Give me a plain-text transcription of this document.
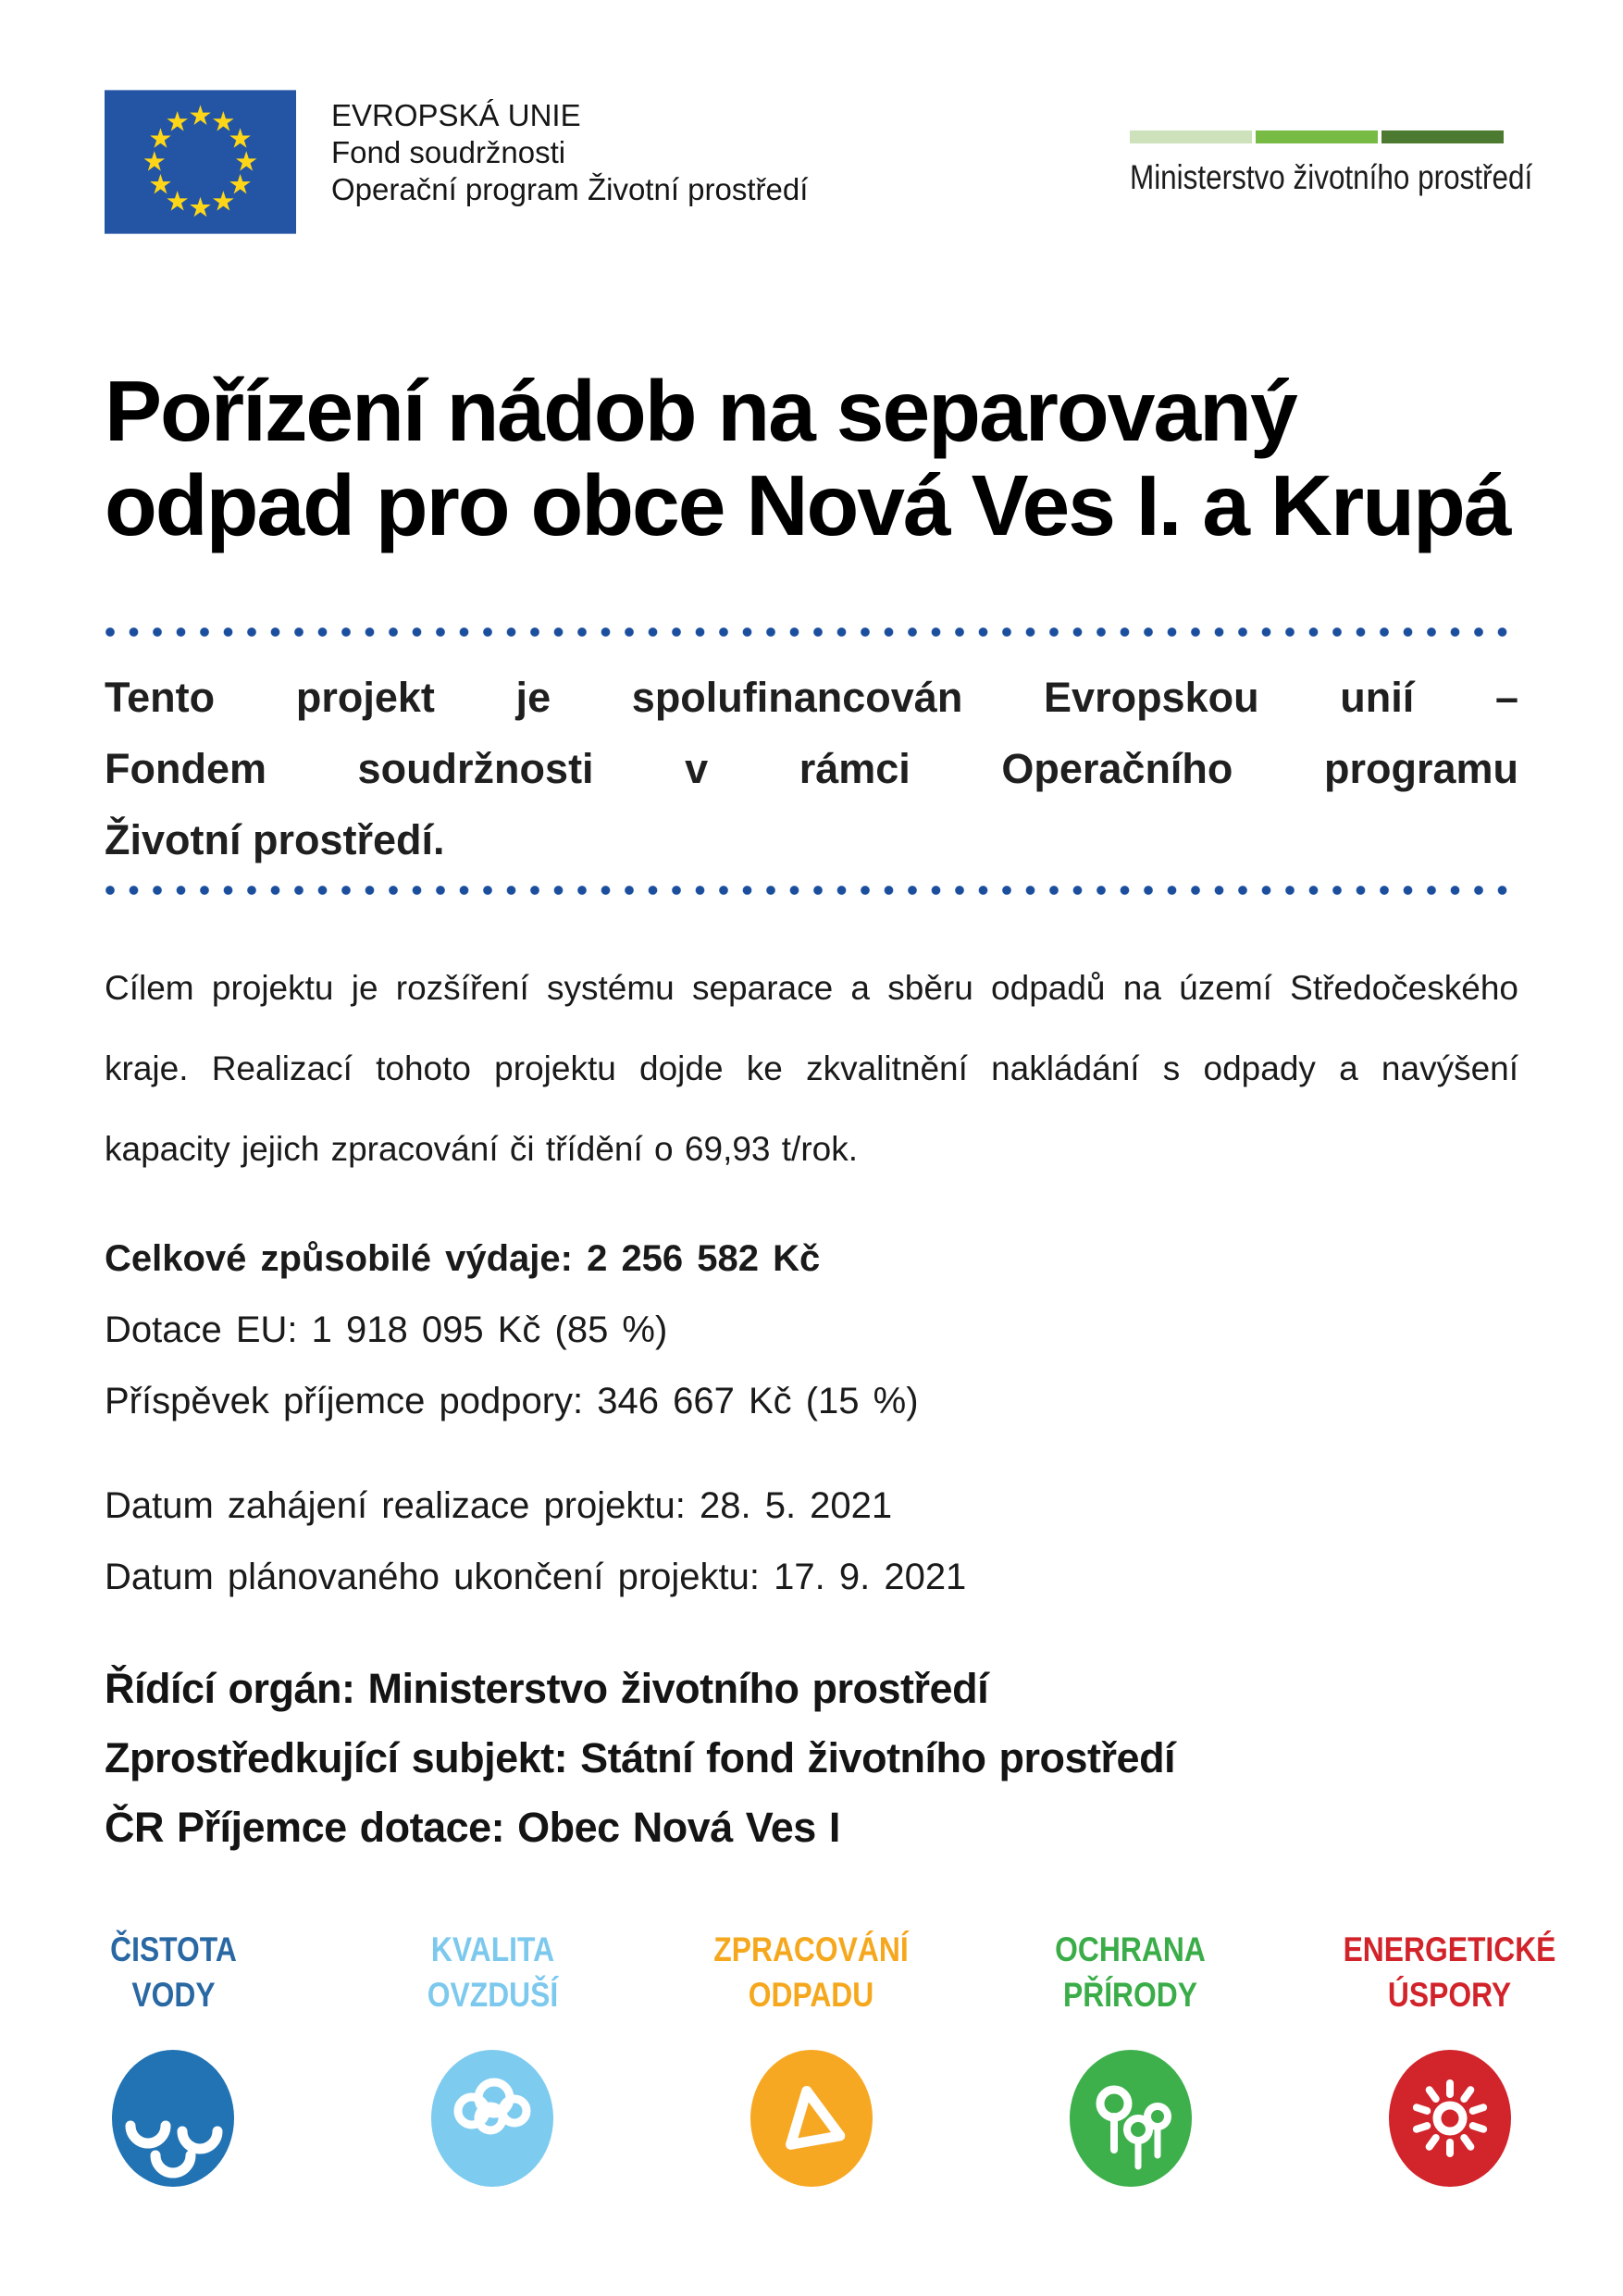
EVROPSKÁ UNIE
Fond soudržnosti
Operační program Životní prostředí	Ministerstvo životního prostředí
Pořízení nádob na separovaný odpad pro obce Nová Ves I. a Krupá
Tento projekt je spolufinancován Evropskou unií –
Fondem soudržnosti v rámci Operačního programu
Životní prostředí.

Cílem projektu je rozšíření systému separace a sběru odpadů na území Středočeského kraje. Realizací tohoto projektu dojde ke zkvalitnění nakládání s odpady a navýšení kapacity jejich zpracování či třídění o 69,93 t/rok.

Celkové způsobilé výdaje: 2 256 582 Kč

Dotace EU: 1 918 095 Kč (85 %)

Příspěvek příjemce podpory: 346 667 Kč (15 %)

Datum zahájení realizace projektu: 28. 5. 2021

Datum plánovaného ukončení projektu: 17. 9. 2021

Řídící orgán: Ministerstvo životního prostředí

Zprostředkující subjekt: Státní fond životního prostředí

ČR Příjemce dotace: Obec Nová Ves I

ČISTOTA
VODY
KVALITA
OVZDUŠÍ
ZPRACOVÁNÍ
ODPADU
OCHRANA
PŘÍRODY
ENERGETICKÉ
ÚSPORY
